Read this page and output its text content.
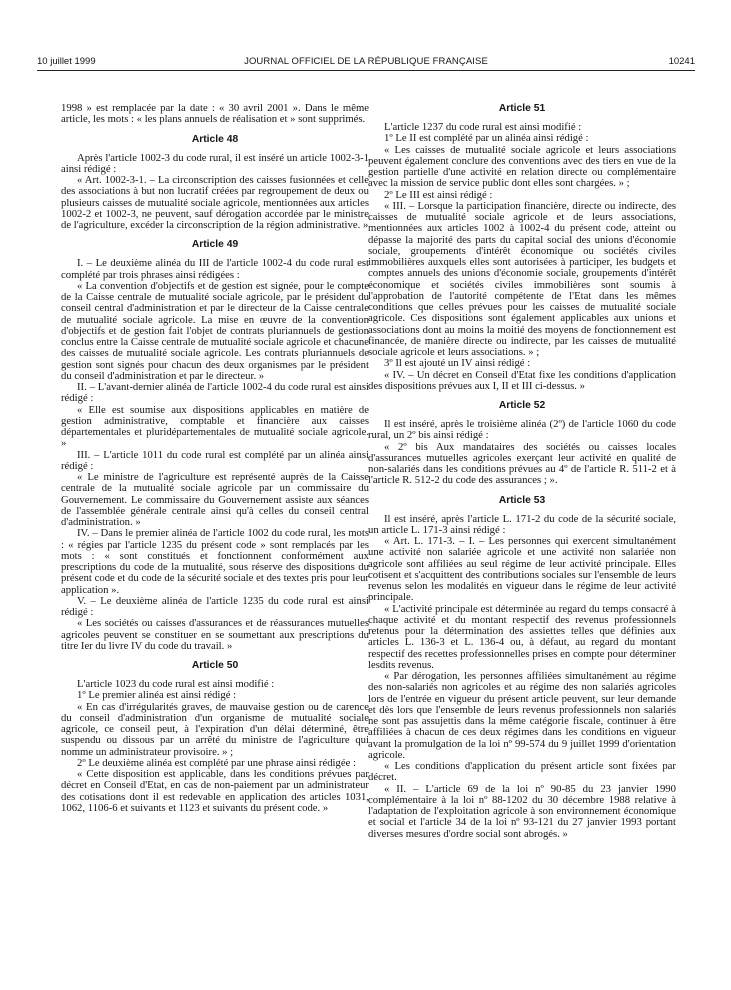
10 juillet 1999	JOURNAL OFFICIEL DE LA RÉPUBLIQUE FRANÇAISE	10241

1998 » est remplacée par la date : « 30 avril 2001 ». Dans le même article, les mots : « les plans annuels de réalisation et » sont supprimés.

Article 48

Après l'article 1002-3 du code rural, il est inséré un article 1002-3-1 ainsi rédigé :

« Art. 1002-3-1. – La circonscription des caisses fusionnées et celle des associations à but non lucratif créées par regroupement de deux ou plusieurs caisses de mutualité sociale agricole, mentionnées aux articles 1002-2 et 1002-3, ne peuvent, sauf dérogation accordée par le ministre de l'agriculture, excéder la circonscription de la région administrative. »

Article 49

I. – Le deuxième alinéa du III de l'article 1002-4 du code rural est complété par trois phrases ainsi rédigées :

« La convention d'objectifs et de gestion est signée, pour le compte de la Caisse centrale de mutualité sociale agricole, par le président du conseil central d'administration et par le directeur de la Caisse centrale de mutualité sociale agricole. La mise en œuvre de la convention d'objectifs et de gestion fait l'objet de contrats pluriannuels de gestion conclus entre la Caisse centrale de mutualité sociale agricole et chacune des caisses de mutualité sociale agricole. Les contrats pluriannuels de gestion sont signés pour chacun des deux organismes par le président du conseil d'administration et par le directeur. »

II. – L'avant-dernier alinéa de l'article 1002-4 du code rural est ainsi rédigé :

« Elle est soumise aux dispositions applicables en matière de gestion administrative, comptable et financière aux caisses départementales et pluridépartementales de mutualité sociale agricole. »

III. – L'article 1011 du code rural est complété par un alinéa ainsi rédigé :

« Le ministre de l'agriculture est représenté auprès de la Caisse centrale de la mutualité sociale agricole par un commissaire du Gouvernement. Le commissaire du Gouvernement assiste aux séances de l'assemblée générale centrale ainsi qu'à celles du conseil central d'administration. »

IV. – Dans le premier alinéa de l'article 1002 du code rural, les mots : « régies par l'article 1235 du présent code » sont remplacés par les mots : « sont constitués et fonctionnent conformément aux prescriptions du code de la mutualité, sous réserve des dispositions du présent code et du code de la sécurité sociale et des textes pris pour leur application ».

V. – Le deuxième alinéa de l'article 1235 du code rural est ainsi rédigé :

« Les sociétés ou caisses d'assurances et de réassurances mutuelles agricoles peuvent se constituer en se soumettant aux prescriptions du titre Ier du livre IV du code du travail. »

Article 50

L'article 1023 du code rural est ainsi modifié :

1º Le premier alinéa est ainsi rédigé :

« En cas d'irrégularités graves, de mauvaise gestion ou de carence du conseil d'administration d'un organisme de mutualité sociale agricole, ce conseil peut, à l'expiration d'un délai déterminé, être suspendu ou dissous par un arrêté du ministre de l'agriculture qui nomme un administrateur provisoire. » ;

2º Le deuxième alinéa est complété par une phrase ainsi rédigée :

« Cette disposition est applicable, dans les conditions prévues par décret en Conseil d'Etat, en cas de non-paiement par un administrateur des cotisations dont il est redevable en application des articles 1031, 1062, 1106-6 et suivants et 1123 et suivants du présent code. »

Article 51

L'article 1237 du code rural est ainsi modifié :

1º Le II est complété par un alinéa ainsi rédigé :

« Les caisses de mutualité sociale agricole et leurs associations peuvent également conclure des conventions avec des tiers en vue de la gestion partielle d'une activité en relation directe ou complémentaire avec la mission de service public dont elles sont chargées. » ;

2º Le III est ainsi rédigé :

« III. – Lorsque la participation financière, directe ou indirecte, des caisses de mutualité sociale agricole et de leurs associations, mentionnées aux articles 1002 à 1002-4 du présent code, atteint ou dépasse la majorité des parts du capital social des unions d'économie sociale, groupements d'intérêt économique ou sociétés civiles immobilières auxquels elles sont autorisées à participer, les budgets et comptes annuels des unions d'économie sociale, groupements d'intérêt économique et sociétés civiles immobilières sont soumis à l'approbation de l'autorité compétente de l'Etat dans les mêmes conditions que celles prévues pour les caisses de mutualité sociale agricole. Ces dispositions sont également applicables aux unions et associations dont au moins la moitié des moyens de fonctionnement est financée, de manière directe ou indirecte, par les caisses de mutualité sociale agricole et leurs associations. » ;

3º Il est ajouté un IV ainsi rédigé :

« IV. – Un décret en Conseil d'Etat fixe les conditions d'application des dispositions prévues aux I, II et III ci-dessus. »

Article 52

Il est inséré, après le troisième alinéa (2º) de l'article 1060 du code rural, un 2º bis ainsi rédigé :

« 2º bis Aux mandataires des sociétés ou caisses locales d'assurances mutuelles agricoles exerçant leur activité en qualité de non-salariés dans les conditions prévues au 4º de l'article R. 511-2 et à l'article R. 512-2 du code des assurances ; ».

Article 53

Il est inséré, après l'article L. 171-2 du code de la sécurité sociale, un article L. 171-3 ainsi rédigé :

« Art. L. 171-3. – I. – Les personnes qui exercent simultanément une activité non salariée agricole et une activité non salariée non agricole sont affiliées au seul régime de leur activité principale. Elles cotisent et s'acquittent des contributions sociales sur l'ensemble de leurs revenus selon les modalités en vigueur dans le régime de leur activité principale.

« L'activité principale est déterminée au regard du temps consacré à chaque activité et du montant respectif des revenus professionnels retenus pour la détermination des assiettes telles que définies aux articles L. 136-3 et L. 136-4 ou, à défaut, au regard du montant respectif des recettes professionnelles prises en compte pour déterminer lesdits revenus.

« Par dérogation, les personnes affiliées simultanément au régime des non-salariés non agricoles et au régime des non salariés agricoles lors de l'entrée en vigueur du présent article peuvent, sur leur demande et dès lors que l'ensemble de leurs revenus professionnels non salariés ne sont pas assujettis dans la même catégorie fiscale, continuer à être affiliées à chacun de ces deux régimes dans les conditions en vigueur avant la promulgation de la loi nº 99-574 du 9 juillet 1999 d'orientation agricole.

« Les conditions d'application du présent article sont fixées par décret.

« II. – L'article 69 de la loi nº 90-85 du 23 janvier 1990 complémentaire à la loi nº 88-1202 du 30 décembre 1988 relative à l'adaptation de l'exploitation agricole à son environnement économique et social et l'article 34 de la loi nº 93-121 du 27 janvier 1993 portant diverses mesures d'ordre social sont abrogés. »
